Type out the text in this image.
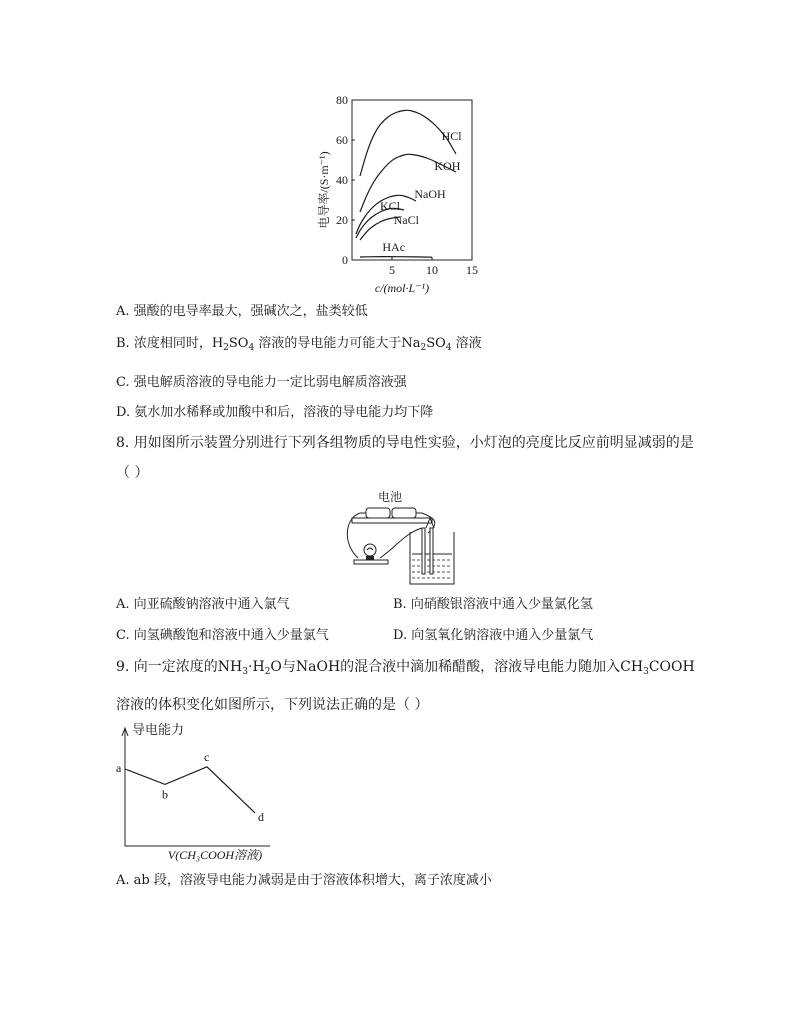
电导率/(S·m⁻¹)
0
20
40
60
80
5	10 15
HCl
KOH
NaOH
KCl
NaCl
HAc
c/(mol·L⁻¹)
A. 强酸的电导率最大，强碱次之，盐类较低
B. 浓度相同时，$H_2SO_4$ 溶液的导电能力可能大于$Na_2SO_4$ 溶液
C. 强电解质溶液的导电能力一定比弱电解质溶液强
D. 氨水加水稀释或加酸中和后，溶液的导电能力均下降
8. 用如图所示装置分别进行下列各组物质的导电性实验，小灯泡的亮度比反应前明显减弱的是
（ ）
电池
A. 向亚硫酸钠溶液中通入氯气	B. 向硝酸银溶液中通入少量氯化氢
C. 向氢碘酸饱和溶液中通入少量氯气	D. 向氢氧化钠溶液中通入少量氯气
9. 向一定浓度的$NH_3\cdot H_2O$与NaOH的混合液中滴加稀醋酸，溶液导电能力随加入$CH_3COOH$
溶液的体积变化如图所示，下列说法正确的是（ ）
导电能力
a
b
c
d
V(CH₃COOH溶液)
A. ab 段，溶液导电能力减弱是由于溶液体积增大，离子浓度减小
